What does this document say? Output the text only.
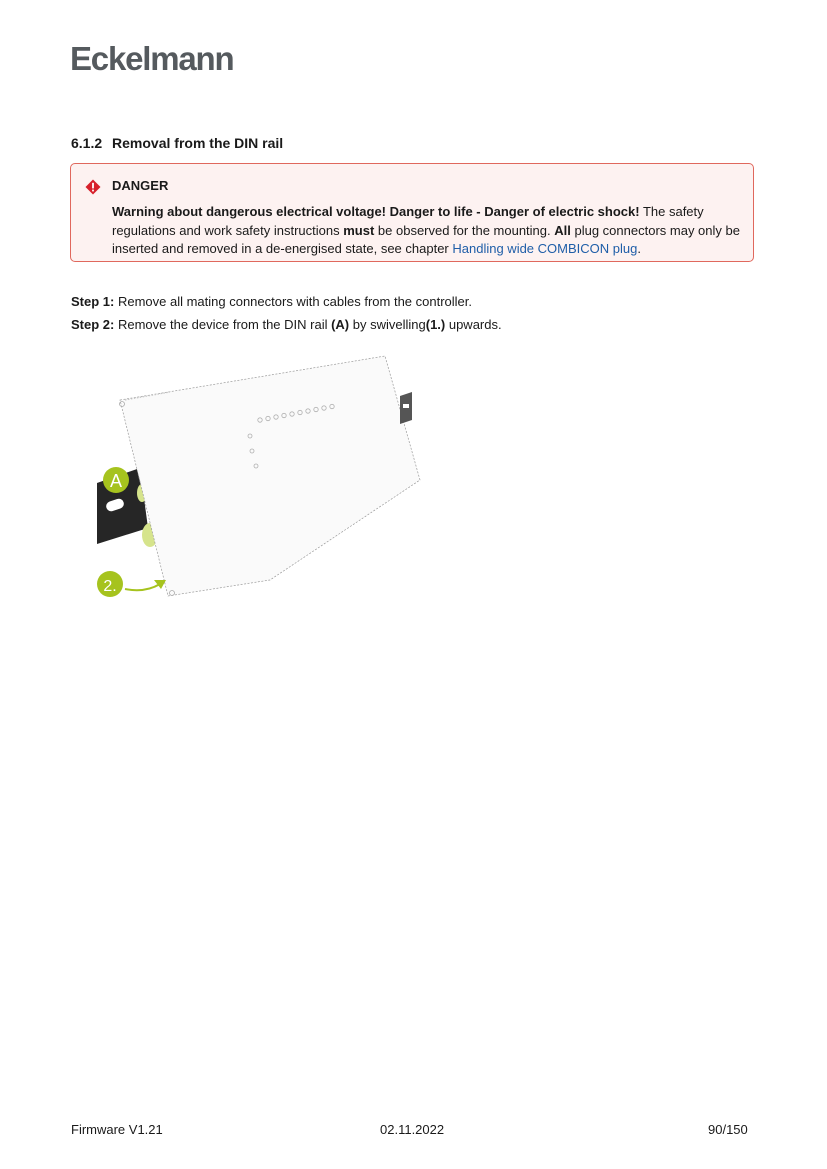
Eckelmann
6.1.2 Removal from the DIN rail
DANGER
Warning about dangerous electrical voltage! Danger to life - Danger of electric shock! The safety regulations and work safety instructions must be observed for the mounting. All plug connectors may only be inserted and removed in a de-energised state, see chapter Handling wide COMBICON plug.
Step 1: Remove all mating connectors with cables from the controller.
Step 2: Remove the device from the DIN rail (A) by swivelling(1.) upwards.
A
2.
Firmware V1.21	02.11.2022	90/150
